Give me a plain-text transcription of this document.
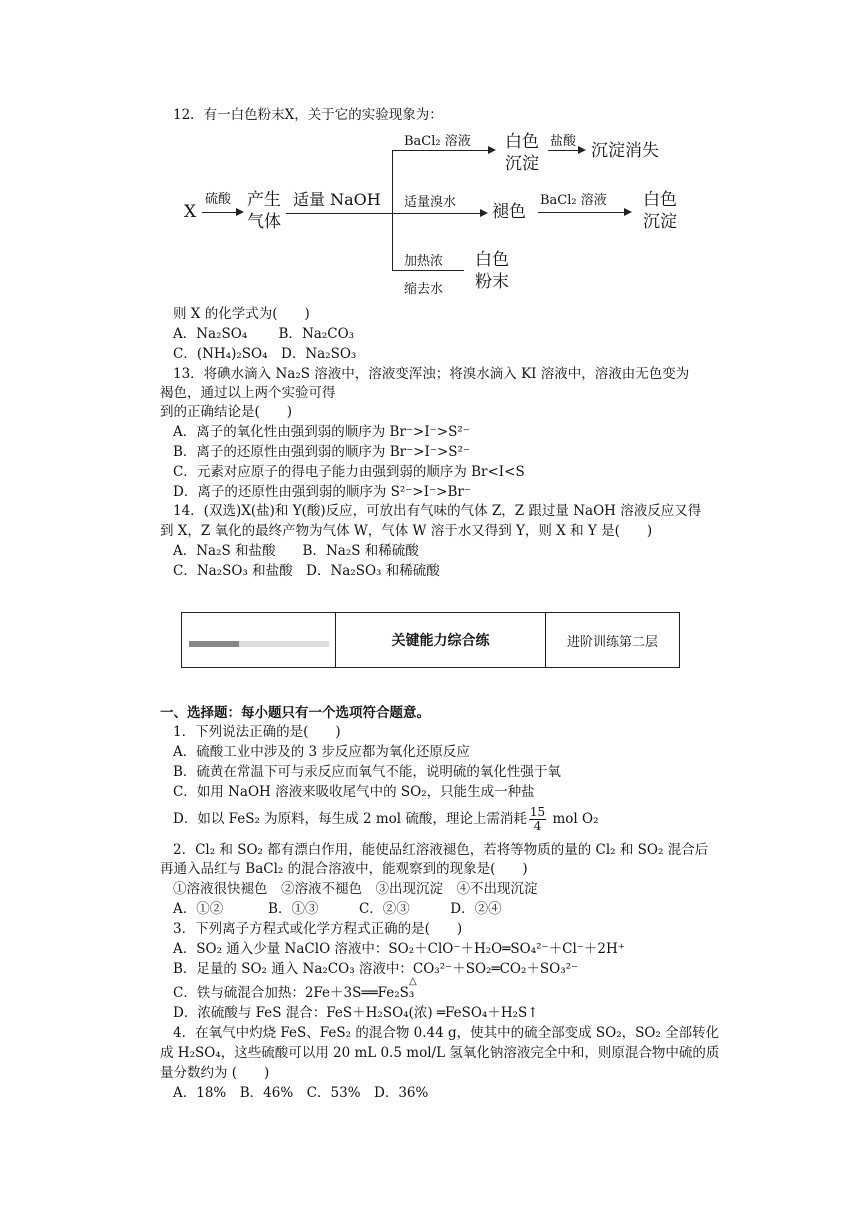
12．有一白色粉末X，关于它的实验现象为：
X
硫酸 产生
气体
适量 NaOH
BaCl₂ 溶液 白色
沉淀
盐酸 沉淀消失
适量溴水 褪色
BaCl₂ 溶液 白色
沉淀
加热浓
缩去水
白色
粉末
则 X 的化学式为(　　)
A．Na₂SO₄　　 B．Na₂CO₃
C．(NH₄)₂SO₄　D．Na₂SO₃
13．将碘水滴入 Na₂S 溶液中，溶液变浑浊；将溴水滴入 KI 溶液中，溶液由无色变为
褐色，通过以上两个实验可得
到的正确结论是(　　)
A．离子的氧化性由强到弱的顺序为 Br⁻>I⁻>S²⁻
B．离子的还原性由强到弱的顺序为 Br⁻>I⁻>S²⁻
C．元素对应原子的得电子能力由强到弱的顺序为 Br<I<S
D．离子的还原性由强到弱的顺序为 S²⁻>I⁻>Br⁻
14．(双选)X(盐)和 Y(酸)反应，可放出有气味的气体 Z，Z 跟过量 NaOH 溶液反应又得
到 X，Z 氧化的最终产物为气体 W，气体 W 溶于水又得到 Y，则 X 和 Y 是(　　)
A．Na₂S 和盐酸　　B．Na₂S 和稀硫酸
C．Na₂SO₃ 和盐酸　D．Na₂SO₃ 和稀硫酸
关键能力综合练	进阶训练第二层
一、选择题：每小题只有一个选项符合题意。
1．下列说法正确的是(　　)
A．硫酸工业中涉及的 3 步反应都为氧化还原反应
B．硫黄在常温下可与汞反应而氧气不能，说明硫的氧化性强于氧
C．如用 NaOH 溶液来吸收尾气中的 SO₂，只能生成一种盐
D．如以 FeS₂ 为原料，每生成 2 mol 硫酸，理论上需消耗 $\frac{15}{4}$ mol O₂
2．Cl₂ 和 SO₂ 都有漂白作用，能使品红溶液褪色，若将等物质的量的 Cl₂ 和 SO₂ 混合后
再通入品红与 BaCl₂ 的混合溶液中，能观察到的现象是(　　)
①溶液很快褪色　②溶液不褪色　③出现沉淀　④不出现沉淀
A．①②　　　 B．①③　　　C．②③　　　D．②④
3．下列离子方程式或化学方程式正确的是(　　)
A．SO₂ 通入少量 NaClO 溶液中：SO₂＋ClO⁻＋H₂O═SO₄²⁻＋Cl⁻＋2H⁺
B．足量的 SO₂ 通入 Na₂CO₃ 溶液中：CO₃²⁻＋SO₂═CO₂＋SO₃²⁻
C．铁与硫混合加热：2Fe＋3S══Fe₂S₃
△
D．浓硫酸与 FeS 混合：FeS＋H₂SO₄(浓) ═FeSO₄＋H₂S↑
4．在氧气中灼烧 FeS、FeS₂ 的混合物 0.44 g，使其中的硫全部变成 SO₂，SO₂ 全部转化
成 H₂SO₄，这些硫酸可以用 20 mL 0.5 mol/L 氢氧化钠溶液完全中和，则原混合物中硫的质
量分数约为 (　　)
A．18%　B．46%　C．53%　D．36%
